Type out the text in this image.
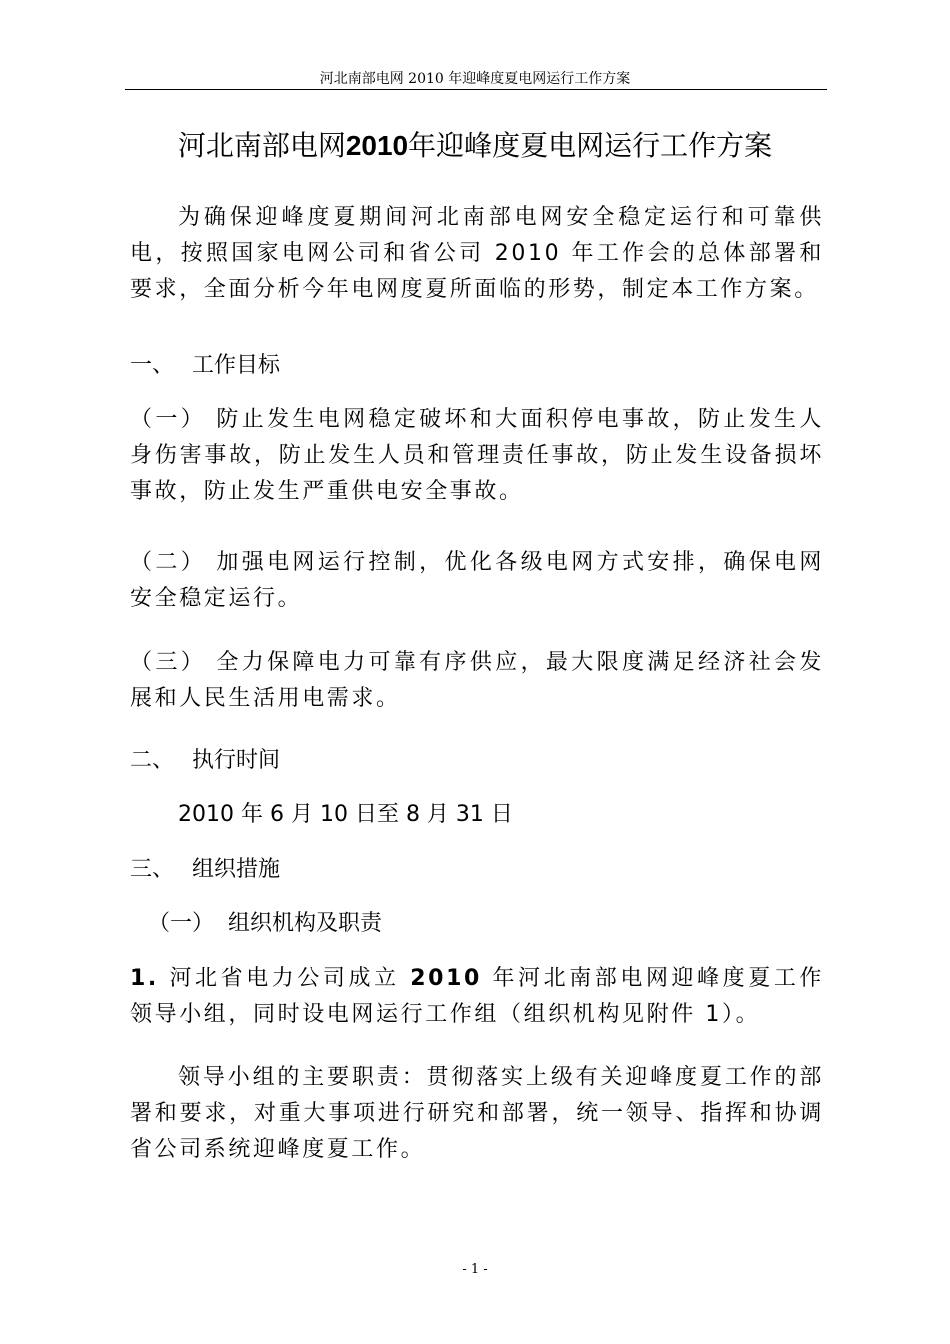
河北南部电网 2010 年迎峰度夏电网运行工作方案
河北南部电网2010年迎峰度夏电网运行工作方案
为确保迎峰度夏期间河北南部电网安全稳定运行和可靠供电，按照国家电网公司和省公司 2010 年工作会的总体部署和要求，全面分析今年电网度夏所面临的形势，制定本工作方案。
一、 工作目标
（一） 防止发生电网稳定破坏和大面积停电事故，防止发生人身伤害事故，防止发生人员和管理责任事故，防止发生设备损坏事故，防止发生严重供电安全事故。
（二） 加强电网运行控制，优化各级电网方式安排，确保电网安全稳定运行。
（三） 全力保障电力可靠有序供应，最大限度满足经济社会发展和人民生活用电需求。
二、 执行时间
2010 年 6 月 10 日至 8 月 31 日
三、 组织措施
（一） 组织机构及职责
1. 河北省电力公司成立 2010 年河北南部电网迎峰度夏工作领导小组，同时设电网运行工作组（组织机构见附件 1）。
领导小组的主要职责：贯彻落实上级有关迎峰度夏工作的部署和要求，对重大事项进行研究和部署，统一领导、指挥和协调省公司系统迎峰度夏工作。
- 1 -
